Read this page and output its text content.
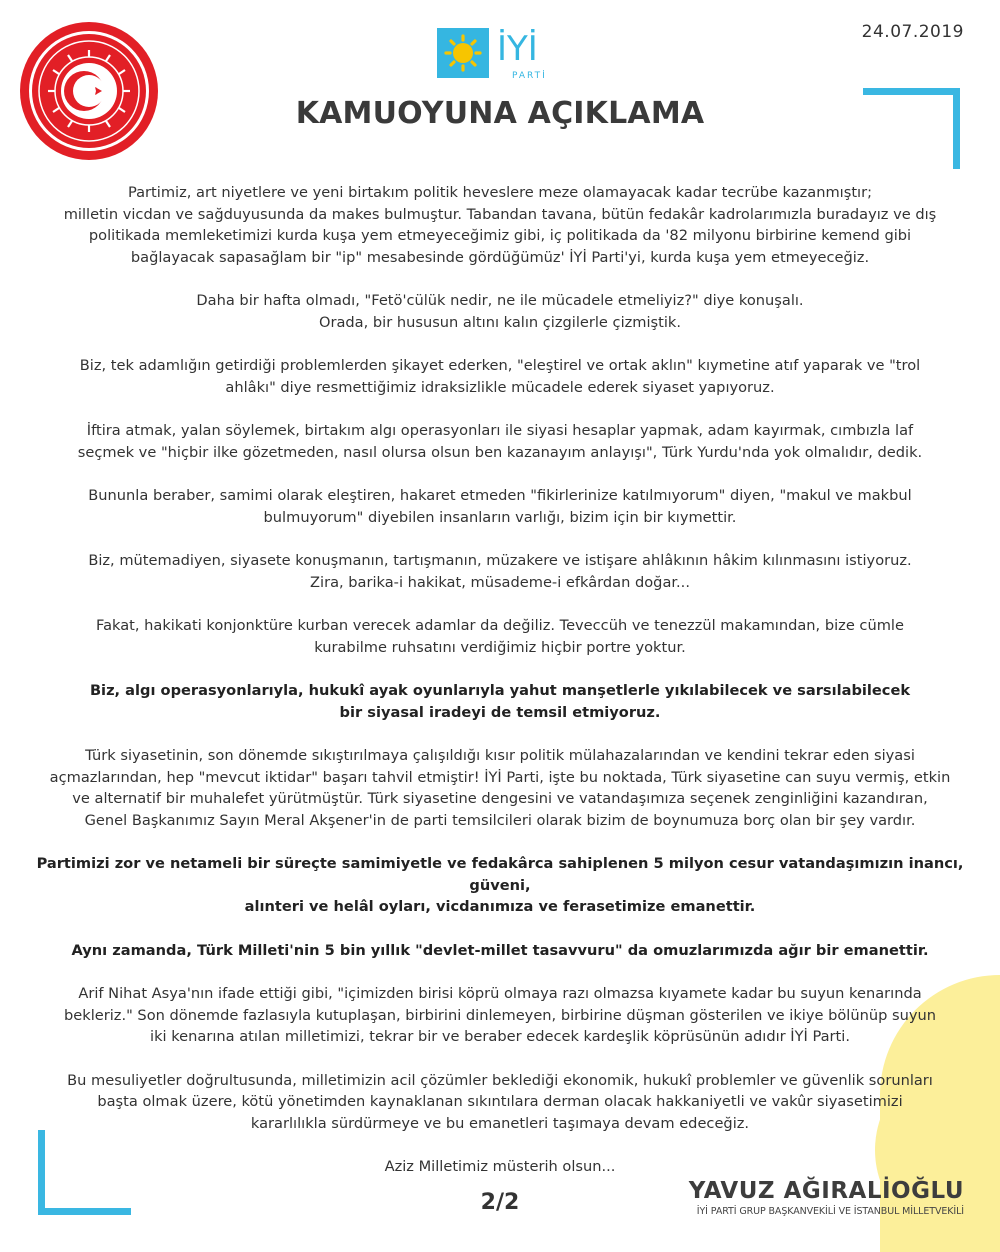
24.07.2019
İYİ
PARTİ
KAMUOYUNA AÇIKLAMA

Partimiz, art niyetlere ve yeni birtakım politik heveslere meze olamayacak kadar tecrübe kazanmıştır;
milletin vicdan ve sağduyusunda da makes bulmuştur. Tabandan tavana, bütün fedakâr kadrolarımızla buradayız ve dış
politikada memleketimizi kurda kuşa yem etmeyeceğimiz gibi, iç politikada da '82 milyonu birbirine kemend gibi
bağlayacak sapasağlam bir "ip" mesabesinde gördüğümüz' İYİ Parti'yi, kurda kuşa yem etmeyeceğiz.

Daha bir hafta olmadı, "Fetö'cülük nedir, ne ile mücadele etmeliyiz?" diye konuşalı.
Orada, bir hususun altını kalın çizgilerle çizmiştik.

Biz, tek adamlığın getirdiği problemlerden şikayet ederken, "eleştirel ve ortak aklın" kıymetine atıf yaparak ve "trol
ahlâkı" diye resmettiğimiz idraksizlikle mücadele ederek siyaset yapıyoruz.

İftira atmak, yalan söylemek, birtakım algı operasyonları ile siyasi hesaplar yapmak, adam kayırmak, cımbızla laf
seçmek ve "hiçbir ilke gözetmeden, nasıl olursa olsun ben kazanayım anlayışı", Türk Yurdu'nda yok olmalıdır, dedik.

Bununla beraber, samimi olarak eleştiren, hakaret etmeden "fikirlerinize katılmıyorum" diyen, "makul ve makbul
bulmuyorum" diyebilen insanların varlığı, bizim için bir kıymettir.

Biz, mütemadiyen, siyasete konuşmanın, tartışmanın, müzakere ve istişare ahlâkının hâkim kılınmasını istiyoruz.
Zira, barika-i hakikat, müsademe-i efkârdan doğar...

Fakat, hakikati konjonktüre kurban verecek adamlar da değiliz. Teveccüh ve tenezzül makamından, bize cümle
kurabilme ruhsatını verdiğimiz hiçbir portre yoktur.

Biz, algı operasyonlarıyla, hukukî ayak oyunlarıyla yahut manşetlerle yıkılabilecek ve sarsılabilecek
bir siyasal iradeyi de temsil etmiyoruz.

Türk siyasetinin, son dönemde sıkıştırılmaya çalışıldığı kısır politik mülahazalarından ve kendini tekrar eden siyasi
açmazlarından, hep "mevcut iktidar" başarı tahvil etmiştir! İYİ Parti, işte bu noktada, Türk siyasetine can suyu vermiş, etkin
ve alternatif bir muhalefet yürütmüştür. Türk siyasetine dengesini ve vatandaşımıza seçenek zenginliğini kazandıran,
Genel Başkanımız Sayın Meral Akşener'in de parti temsilcileri olarak bizim de boynumuza borç olan bir şey vardır.

Partimizi zor ve netameli bir süreçte samimiyetle ve fedakârca sahiplenen 5 milyon cesur vatandaşımızın inancı, güveni,
alınteri ve helâl oyları, vicdanımıza ve ferasetimize emanettir.

Aynı zamanda, Türk Milleti'nin 5 bin yıllık "devlet-millet tasavvuru" da omuzlarımızda ağır bir emanettir.

Arif Nihat Asya'nın ifade ettiği gibi, "içimizden birisi köprü olmaya razı olmazsa kıyamete kadar bu suyun kenarında
bekleriz." Son dönemde fazlasıyla kutuplaşan, birbirini dinlemeyen, birbirine düşman gösterilen ve ikiye bölünüp suyun
iki kenarına atılan milletimizi, tekrar bir ve beraber edecek kardeşlik köprüsünün adıdır İYİ Parti.

Bu mesuliyetler doğrultusunda, milletimizin acil çözümler beklediği ekonomik, hukukî problemler ve güvenlik sorunları
başta olmak üzere, kötü yönetimden kaynaklanan sıkıntılara derman olacak hakkaniyetli ve vakûr siyasetimizi
kararlılıkla sürdürmeye ve bu emanetleri taşımaya devam edeceğiz.

Aziz Milletimiz müsterih olsun...

2/2	YAVUZ AĞIRALİOĞLU
İYİ PARTİ GRUP BAŞKANVEKİLİ VE İSTANBUL MİLLETVEKİLİ
